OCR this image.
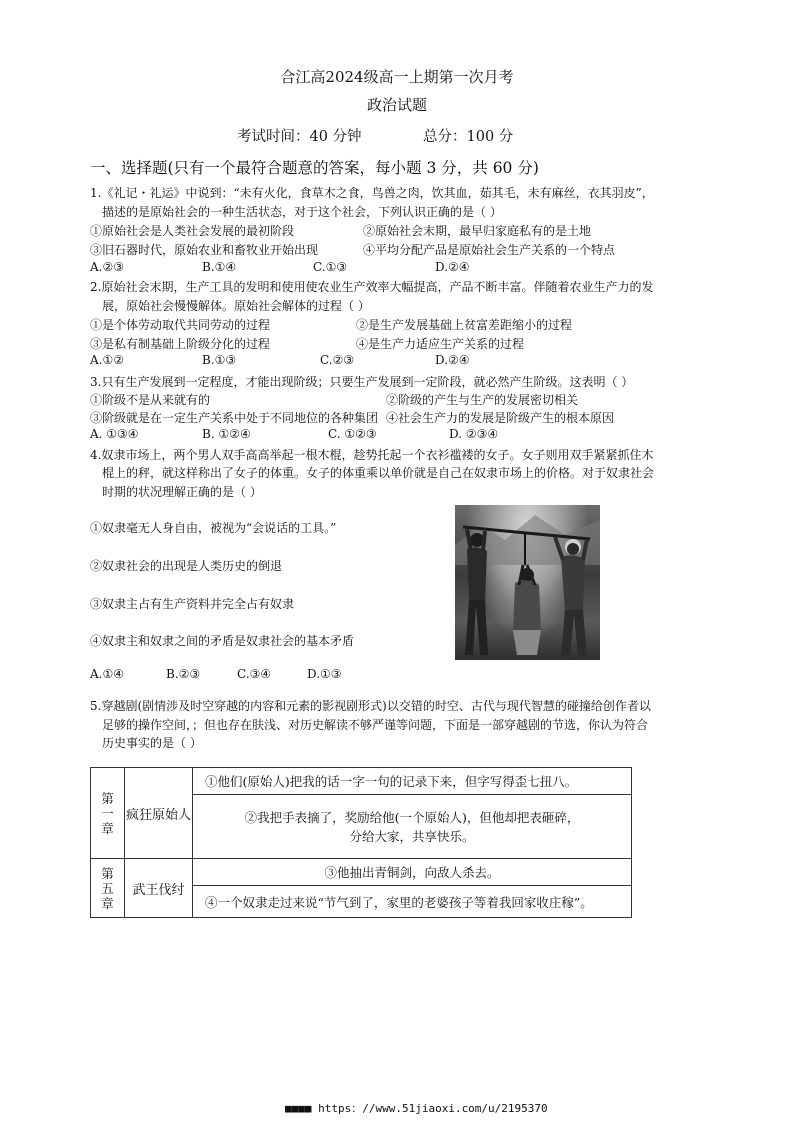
合江高2024级高一上期第一次月考
政治试题
考试时间：40 分钟	总分：100 分
一、选择题(只有一个最符合题意的答案，每小题 3 分，共 60 分)
1.《礼记・礼运》中说到：“未有火化，食草木之食，鸟兽之肉，饮其血，茹其毛，未有麻丝，衣其羽皮”，
描述的是原始社会的一种生活状态，对于这个社会，下列认识正确的是（ ）
①原始社会是人类社会发展的最初阶段	②原始社会末期，最早归家庭私有的是土地
③旧石器时代，原始农业和畜牧业开始出现	④平均分配产品是原始社会生产关系的一个特点
A.②③	B.①④	C.①③	D.②④
2.原始社会末期，生产工具的发明和使用使农业生产效率大幅提高，产品不断丰富。伴随着农业生产力的发
展，原始社会慢慢解体。原始社会解体的过程（ ）
①是个体劳动取代共同劳动的过程	②是生产发展基础上贫富差距缩小的过程
③是私有制基础上阶级分化的过程	④是生产力适应生产关系的过程
A.①②	B.①③	C.②③	D.②④
3.只有生产发展到一定程度，才能出现阶级；只要生产发展到一定阶段，就必然产生阶级。这表明（ ）
①阶级不是从来就有的	②阶级的产生与生产的发展密切相关
③阶级就是在一定生产关系中处于不同地位的各种集团 ④社会生产力的发展是阶级产生的根本原因
A. ①③④	B. ①②④	C. ①②③	D. ②③④
4.奴隶市场上，两个男人双手高高举起一根木棍，趁势托起一个衣衫褴褛的女子。女子则用双手紧紧抓住木
棍上的秤，就这样称出了女子的体重。女子的体重乘以单价就是自己在奴隶市场上的价格。对于奴隶社会
时期的状况理解正确的是（ ）
①奴隶毫无人身自由，被视为“会说话的工具。”
②奴隶社会的出现是人类历史的倒退
③奴隶主占有生产资料并完全占有奴隶
④奴隶主和奴隶之间的矛盾是奴隶社会的基本矛盾
A.①④	B.②③	C.③④	D.①③
5.穿越剧(剧情涉及时空穿越的内容和元素的影视剧形式)以交错的时空、古代与现代智慧的碰撞给创作者以
足够的操作空间，；但也存在肤浅、对历史解读不够严谨等问题，下面是一部穿越剧的节选，你认为符合
历史事实的是（ ）
第一章	疯狂原始人	①他们(原始人)把我的话一字一句的记录下来，但字写得歪七扭八。

		②我把手表摘了，奖励给他(一个原始人)，但他却把表砸碎，
分给大家，共享快乐。

第五章	武王伐纣	③他抽出青铜剑，向敌人杀去。
		④一个奴隶走过来说“节气到了，家里的老婆孩子等着我回家收庄稼”。
■■■■ https：//www.51jiaoxi.com/u/2195370
